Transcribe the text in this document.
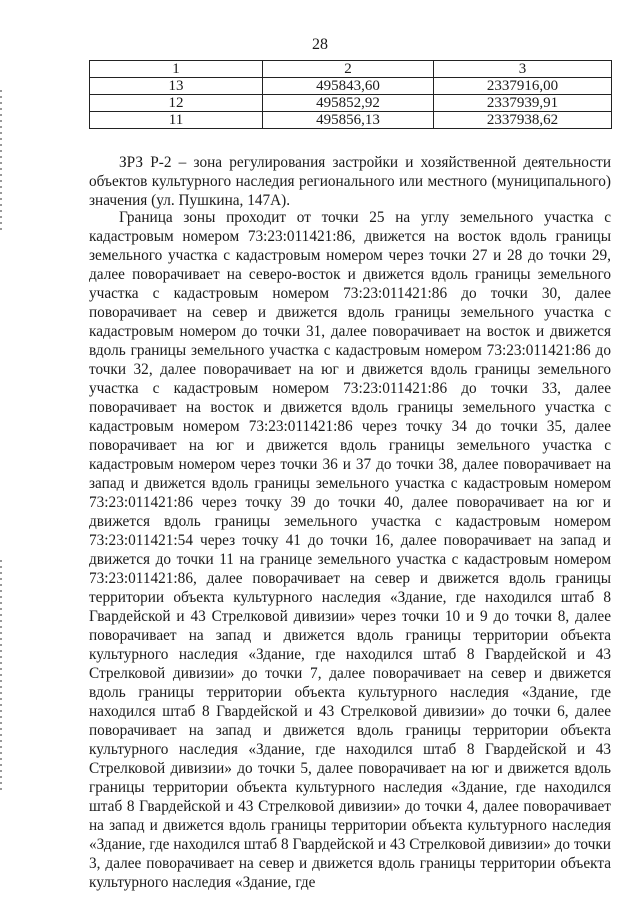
28
1	2	3
13	495843,60	2337916,00
12	495852,92	2337939,91
11	495856,13	2337938,62

ЗРЗ Р-2 – зона регулирования застройки и хозяйственной деятельности объектов культурного наследия регионального или местного (муниципального) значения (ул. Пушкина, 147А).

Граница зоны проходит от точки 25 на углу земельного участка с кадастровым номером 73:23:011421:86, движется на восток вдоль границы земельного участка с кадастровым номером через точки 27 и 28 до точки 29, далее поворачивает на северо-восток и движется вдоль границы земельного участка с кадастровым номером 73:23:011421:86 до точки 30, далее поворачивает на север и движется вдоль границы земельного участка с кадастровым номером до точки 31, далее поворачивает на восток и движется вдоль границы земельного участка с кадастровым номером 73:23:011421:86 до точки 32, далее поворачивает на юг и движется вдоль границы земельного участка с кадастровым номером 73:23:011421:86 до точки 33, далее поворачивает на восток и движется вдоль границы земельного участка с кадастровым номером 73:23:011421:86 через точку 34 до точки 35, далее поворачивает на юг и движется вдоль границы земельного участка с кадастровым номером через точки 36 и 37 до точки 38, далее поворачивает на запад и движется вдоль границы земельного участка с кадастровым номером 73:23:011421:86 через точку 39 до точки 40, далее поворачивает на юг и движется вдоль границы земельного участка с кадастровым номером 73:23:011421:54 через точку 41 до точки 16, далее поворачивает на запад и движется до точки 11 на границе земельного участка с кадастровым номером 73:23:011421:86, далее поворачивает на север и движется вдоль границы территории объекта культурного наследия «Здание, где находился штаб 8 Гвардейской и 43 Стрелковой дивизии» через точки 10 и 9 до точки 8, далее поворачивает на запад и движется вдоль границы территории объекта культурного наследия «Здание, где находился штаб 8 Гвардейской и 43 Стрелковой дивизии» до точки 7, далее поворачивает на север и движется вдоль границы территории объекта культурного наследия «Здание, где находился штаб 8 Гвардейской и 43 Стрелковой дивизии» до точки 6, далее поворачивает на запад и движется вдоль границы территории объекта культурного наследия «Здание, где находился штаб 8 Гвардейской и 43 Стрелковой дивизии» до точки 5, далее поворачивает на юг и движется вдоль границы территории объекта культурного наследия «Здание, где находился штаб 8 Гвардейской и 43 Стрелковой дивизии» до точки 4, далее поворачивает на запад и движется вдоль границы территории объекта культурного наследия «Здание, где находился штаб 8 Гвардейской и 43 Стрелковой дивизии» до точки 3, далее поворачивает на север и движется вдоль границы территории объекта культурного наследия «Здание, где
